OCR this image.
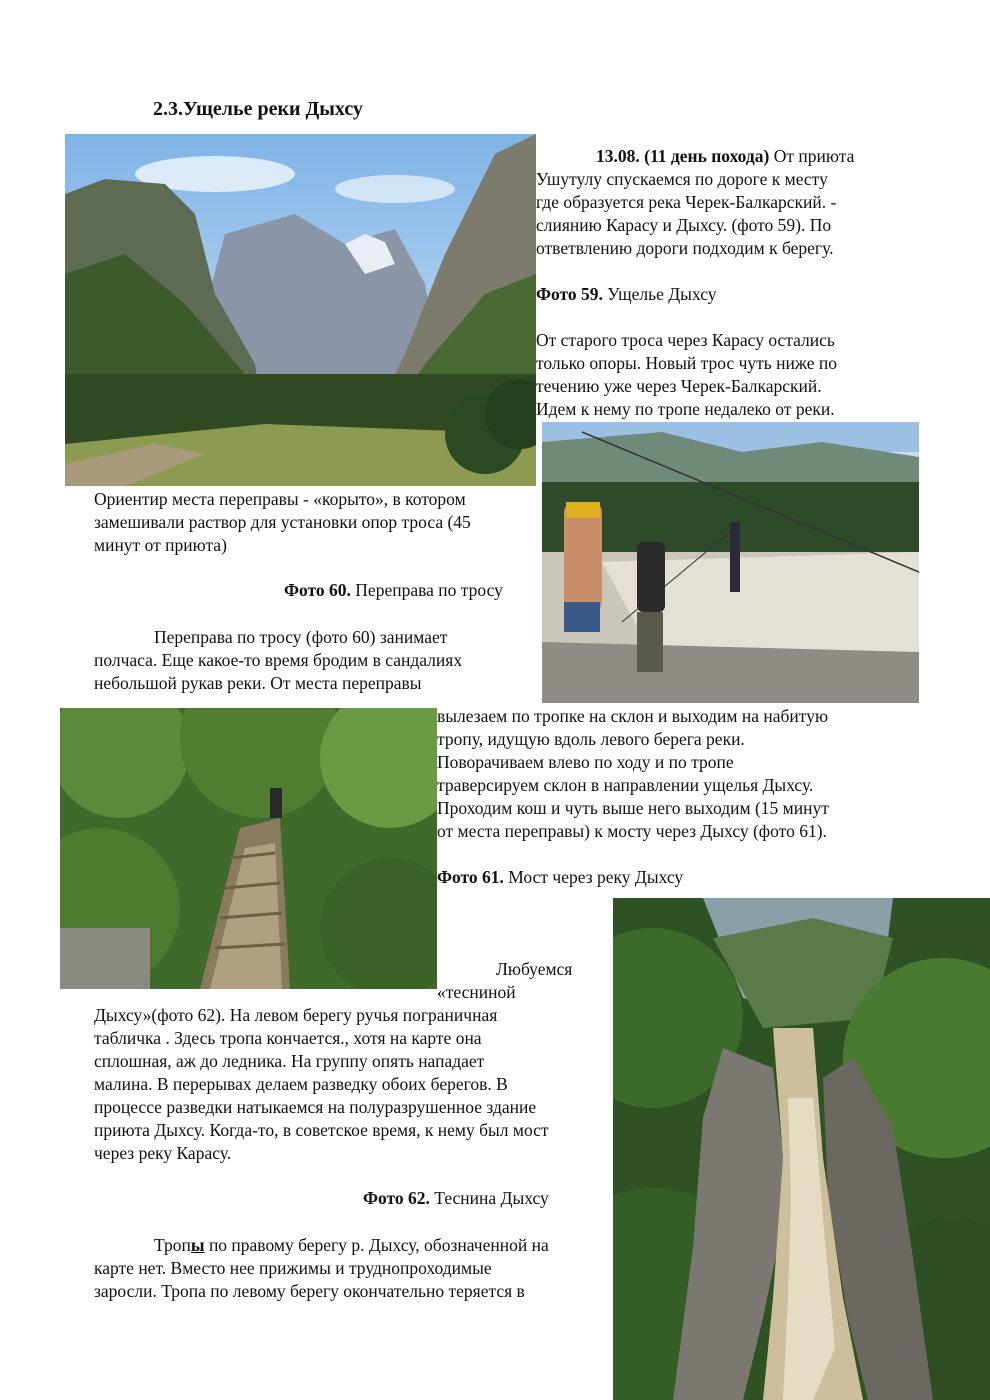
2.3.Ущелье реки Дыхсу
13.08. (11 день похода) От приюта
Ушутулу спускаемся по дороге к месту
где образуется река Черек-Балкарский. -
слиянию Карасу и Дыхсу. (фото 59). По
ответвлению дороги подходим к берегу.
Фото 59. Ущелье Дыхсу
От старого троса через Карасу остались
только опоры. Новый трос чуть ниже по
течению уже через Черек-Балкарский.
Идем к нему по тропе недалеко от реки.
Ориентир места переправы - «корыто», в котором
замешивали раствор для установки опор троса (45
минут от приюта)
Фото 60. Переправа по тросу
Переправа по тросу (фото 60) занимает
полчаса. Еще какое-то время бродим в сандалиях
небольшой рукав реки. От места переправы
вылезаем по тропке на склон и выходим на набитую
тропу, идущую вдоль левого берега реки.
Поворачиваем влево по ходу и по тропе
траверсируем склон в направлении ущелья Дыхсу.
Проходим кош и чуть выше него выходим (15 минут
от места переправы) к мосту через Дыхсу (фото 61).
Фото 61. Мост через реку Дыхсу
Любуемся
«тесниной
Дыхсу»(фото 62). На левом берегу ручья пограничная
табличка . Здесь тропа кончается., хотя на карте она
сплошная, аж до ледника. На группу опять нападает
малина. В перерывах делаем разведку обоих берегов. В
процессе разведки натыкаемся на полуразрушенное здание
приюта Дыхсу. Когда-то, в советское время, к нему был мост
через реку Карасу.
Фото 62. Теснина Дыхсу
Тропы по правому берегу р. Дыхсу, обозначенной на
карте нет. Вместо нее прижимы и труднопроходимые
заросли. Тропа по левому берегу окончательно теряется в
